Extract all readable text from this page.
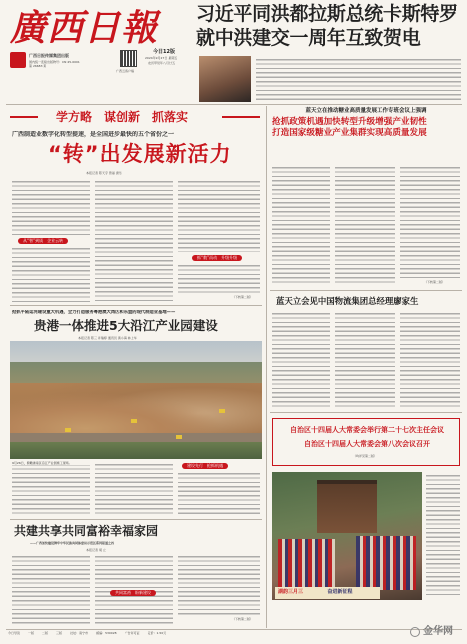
廣西日報
广西日报传媒集团出版
国内统一连续出版物号：CN 45-0001
第 26683 期
广西云客户端
今日12版
2024年9月27日 星期五
农历甲辰年八月廿五
习近平同洪都拉斯总统卡斯特罗
就中洪建交一周年互致贺电
学方略　谋创新　抓落实
广西制造业数字化转型提速，是全国进步最快的五个省份之一
“转”出发展新活力
本报记者 陈天宇 曾丽 唐乐
从“智”到质　企业云转
抓“数”而动　升级升级
（下转第二版）
抢抓平陆运河建设重大机遇，全力打造服务粤港澳大湾区和东盟的现代制造业基地——
贵港一体推进5大沿江产业园建设
本报记者 陈三 许瑞婷 通讯员 黄小海 林上华
9月26日，俯瞰港南区沿江产业园施工现场。	建设先行　抢抓机遇
共建共享共同富裕幸福家园
——广西加快建设铸牢中华民族共同体意识示范区系列报道之四
本报记者 胡 立
共同富裕　盼新建设
（下转第二版）
蓝天立在推动糖业高质量发展工作专班会议上强调
抢抓政策机遇加快转型升级增强产业韧性
打造国家级糖业产业集群实现高质量发展
（下转第二版）
蓝天立会见中国物流集团总经理廖家生
自治区十四届人大常委会举行第二十七次主任会议
自治区十四届人大常委会第八次会议召开
（均详见第二版）
湖韵三月三	奋进新征程
今日导读	一版	二版	三版	社址：南宁市	邮编：530028	广告许可证	定价：1.50元	金华网
